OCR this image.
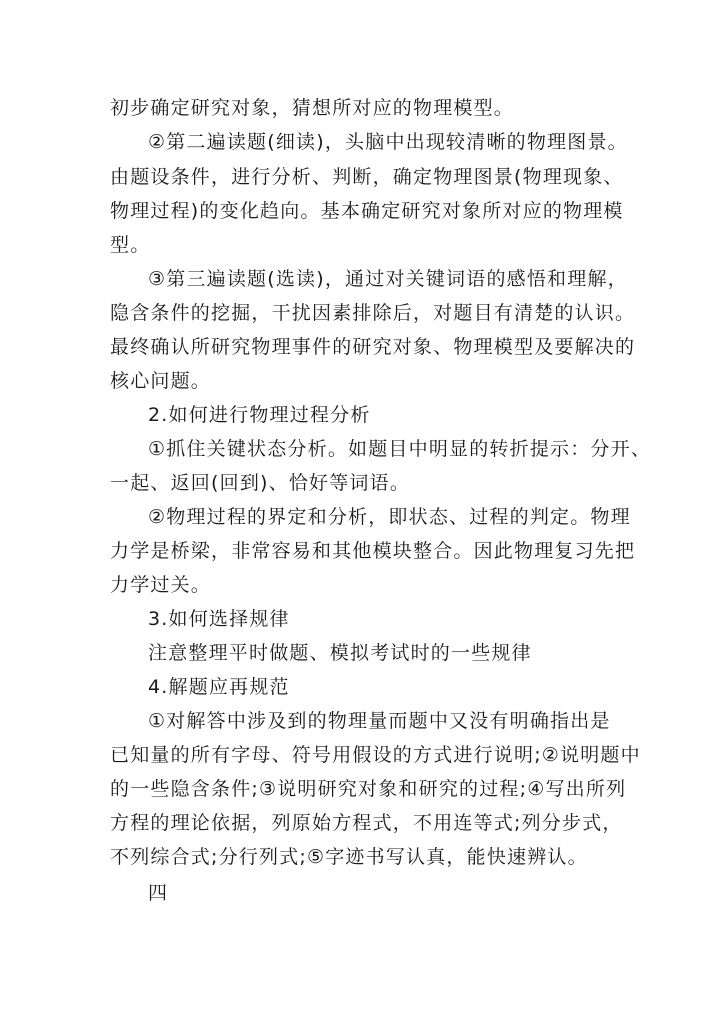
初步确定研究对象，猜想所对应的物理模型。
②第二遍读题(细读)，头脑中出现较清晰的物理图景。
由题设条件，进行分析、判断，确定物理图景(物理现象、
物理过程)的变化趋向。基本确定研究对象所对应的物理模
型。
③第三遍读题(选读)，通过对关键词语的感悟和理解，
隐含条件的挖掘，干扰因素排除后，对题目有清楚的认识。
最终确认所研究物理事件的研究对象、物理模型及要解决的
核心问题。
2.如何进行物理过程分析
①抓住关键状态分析。如题目中明显的转折提示：分开、
一起、返回(回到)、恰好等词语。
②物理过程的界定和分析，即状态、过程的判定。物理
力学是桥梁，非常容易和其他模块整合。因此物理复习先把
力学过关。
3.如何选择规律
注意整理平时做题、模拟考试时的一些规律
4.解题应再规范
①对解答中涉及到的物理量而题中又没有明确指出是
已知量的所有字母、符号用假设的方式进行说明;②说明题中
的一些隐含条件;③说明研究对象和研究的过程;④写出所列
方程的理论依据，列原始方程式，不用连等式;列分步式，
不列综合式;分行列式;⑤字迹书写认真，能快速辨认。
四
